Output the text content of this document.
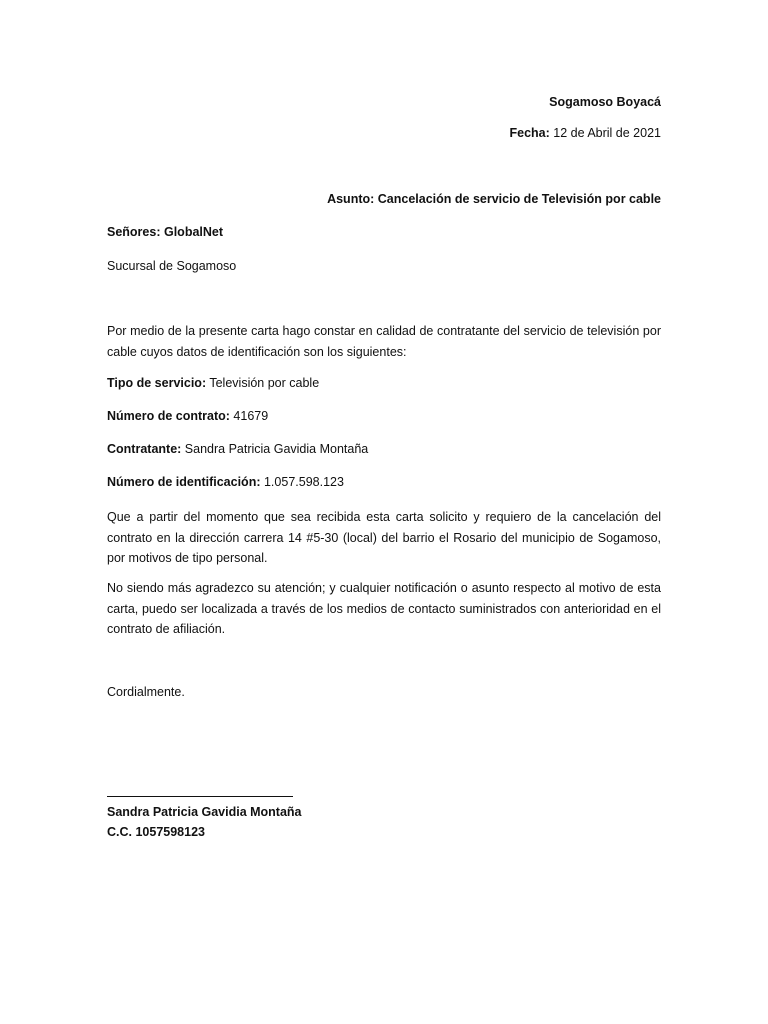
Sogamoso Boyacá
Fecha: 12 de Abril de 2021
Asunto: Cancelación de servicio de Televisión por cable
Señores: GlobalNet
Sucursal de Sogamoso
Por medio de la presente carta hago constar en calidad de contratante del servicio de televisión por cable cuyos datos de identificación son los siguientes:
Tipo de servicio: Televisión por cable
Número de contrato: 41679
Contratante: Sandra Patricia Gavidia Montaña
Número de identificación: 1.057.598.123
Que a partir del momento que sea recibida esta carta solicito y requiero de la cancelación del contrato en la dirección carrera 14 #5-30 (local) del barrio el Rosario del municipio de Sogamoso, por motivos de tipo personal.
No siendo más agradezco su atención; y cualquier notificación o asunto respecto al motivo de esta carta, puedo ser localizada a través de los medios de contacto suministrados con anterioridad en el contrato de afiliación.
Cordialmente.
Sandra Patricia Gavidia Montaña
C.C. 1057598123
